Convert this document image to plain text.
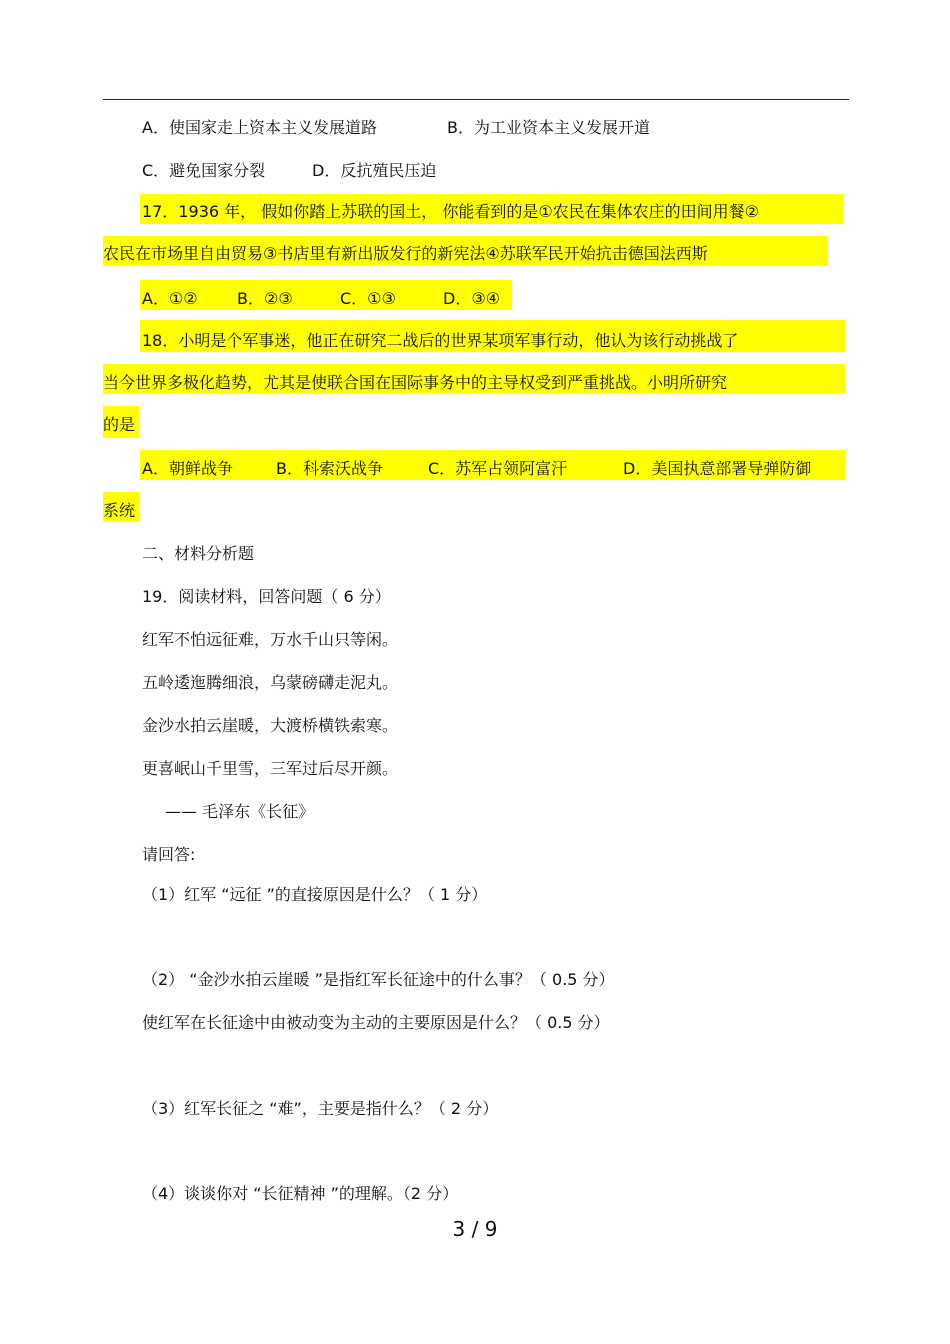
A．使国家走上资本主义发展道路	B．为工业资本主义发展开道
C．避免国家分裂	D．反抗殖民压迫
17．1936 年， 假如你踏上苏联的国土， 你能看到的是①农民在集体农庄的田间用餐②
农民在市场里自由贸易③书店里有新出版发行的新宪法④苏联军民开始抗击德国法西斯
A．①② B．②③	C．①③	D．③④
18．小明是个军事迷，他正在研究二战后的世界某项军事行动，他认为该行动挑战了
当今世界多极化趋势，尤其是使联合国在国际事务中的主导权受到严重挑战。小明所研究
的是
A．朝鲜战争	B．科索沃战争	C．苏军占领阿富汗	D．美国执意部署导弹防御
系统
二、材料分析题
19．阅读材料，回答问题（ 6 分）
红军不怕远征难，万水千山只等闲。
五岭逶迤腾细浪，乌蒙磅礴走泥丸。
金沙水拍云崖暖，大渡桥横铁索寒。
更喜岷山千里雪，三军过后尽开颜。
—— 毛泽东《长征》
请回答:
（1）红军 “远征 ”的直接原因是什么？（ 1 分）
（2） “金沙水拍云崖暖 ”是指红军长征途中的什么事？（ 0.5 分）
使红军在长征途中由被动变为主动的主要原因是什么？（ 0.5 分）
（3）红军长征之 “难”，主要是指什么？（ 2 分）
（4）谈谈你对 “长征精神 ”的理解。（2 分）
3 / 9
